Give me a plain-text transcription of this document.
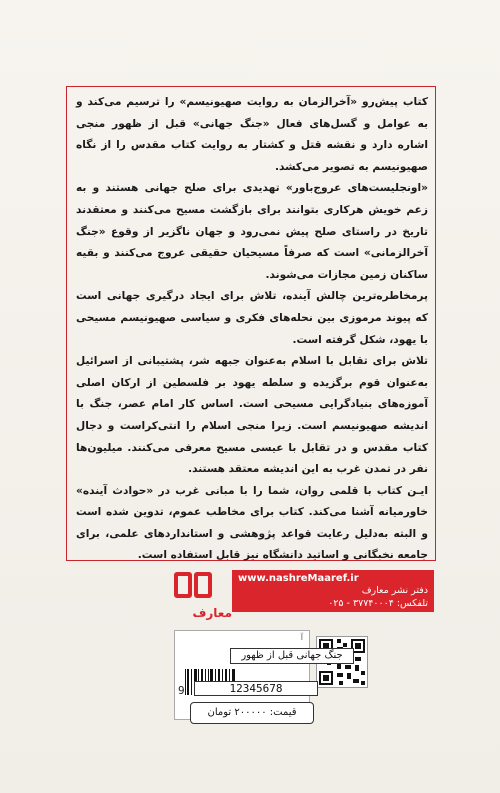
کتاب پیش‌رو «آخرالزمان به روایت صهیونیسم» را ترسیم می‌کند و به عوامل و گسل‌های فعال «جنگ جهانی» قبل از ظهور منجی اشاره دارد و نقشه قتل و کشتار به روایت کتاب مقدس را از نگاه صهیونیسم به تصویر می‌کشد.

«اونجلیست‌های عروج‌باور» تهدیدی برای صلح جهانی هستند و به زعم خویش هرکاری بتوانند برای بازگشت مسیح می‌کنند و معتقدند تاریخ در راستای صلح پیش نمی‌رود و جهان ناگزیر از وقوع «جنگ آخرالزمانی» است که صرفاً مسیحیان حقیقی عروج می‌کنند و بقیه ساکنان زمین مجازات می‌شوند.

پرمخاطره‌ترین چالش آینده، تلاش برای ایجاد درگیری جهانی است که پیوند مرموزی بین نحله‌های فکری و سیاسی صهیونیسم مسیحی با یهود، شکل گرفته است.

تلاش برای تقابل با اسلام به‌عنوان جبهه شر، پشتیبانی از اسرائیل به‌عنوان قوم برگزیده و سلطه یهود بر فلسطین از ارکان اصلی آموزه‌های بنیادگرایی مسیحی است. اساس کار امام عصر، جنگ با اندیشه صهیونیسم است. زیرا منجی اسلام را انتی‌کراست و دجال کتاب مقدس و در تقابل با عیسی مسیح معرفی می‌کنند. میلیون‌ها نفر در تمدن غرب به این اندیشه معتقد هستند.

ایـن کتاب با قلمی روان، شما را با مبانی غرب در «حوادث آینده» خاورمیانه آشنا می‌کند. کتاب برای مخاطب عموم، تدوین شده است و البته به‌دلیل رعایت قواعد پژوهشی و استانداردهای علمی، برای جامعه نخبگانی و اساتید دانشگاه نیز قابل استفاده است.

معارف
www.nashreMaaref.ir
دفتر نشر معارف
تلفکس: ۳۷۷۴۰۰۰۴ - ۰۲۵
آ
جنگ جهانی قبل از ظهور
9	12345678
قیمت: ۲۰۰۰۰۰ تومان
